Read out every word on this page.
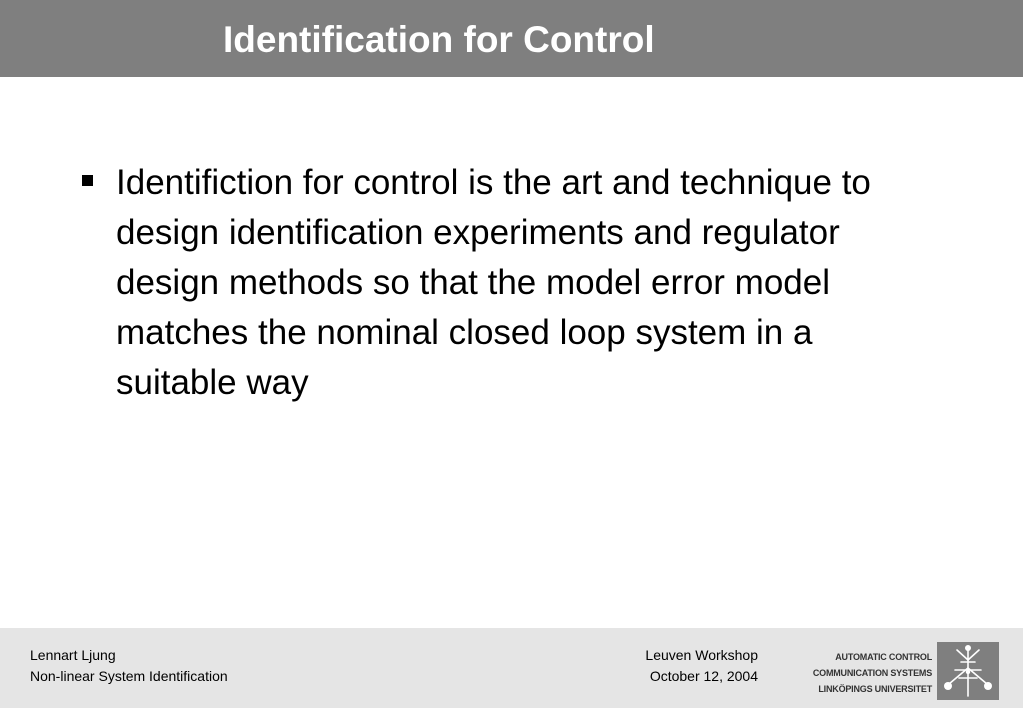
Identification for Control
Identifiction for control is the art and technique to design identification experiments and regulator design methods so that the model error model matches the nominal closed loop system in a suitable way
Lennart Ljung
Non-linear System Identification
Leuven Workshop
October 12, 2004
AUTOMATIC CONTROL
COMMUNICATION SYSTEMS
LINKÖPINGS UNIVERSITET
